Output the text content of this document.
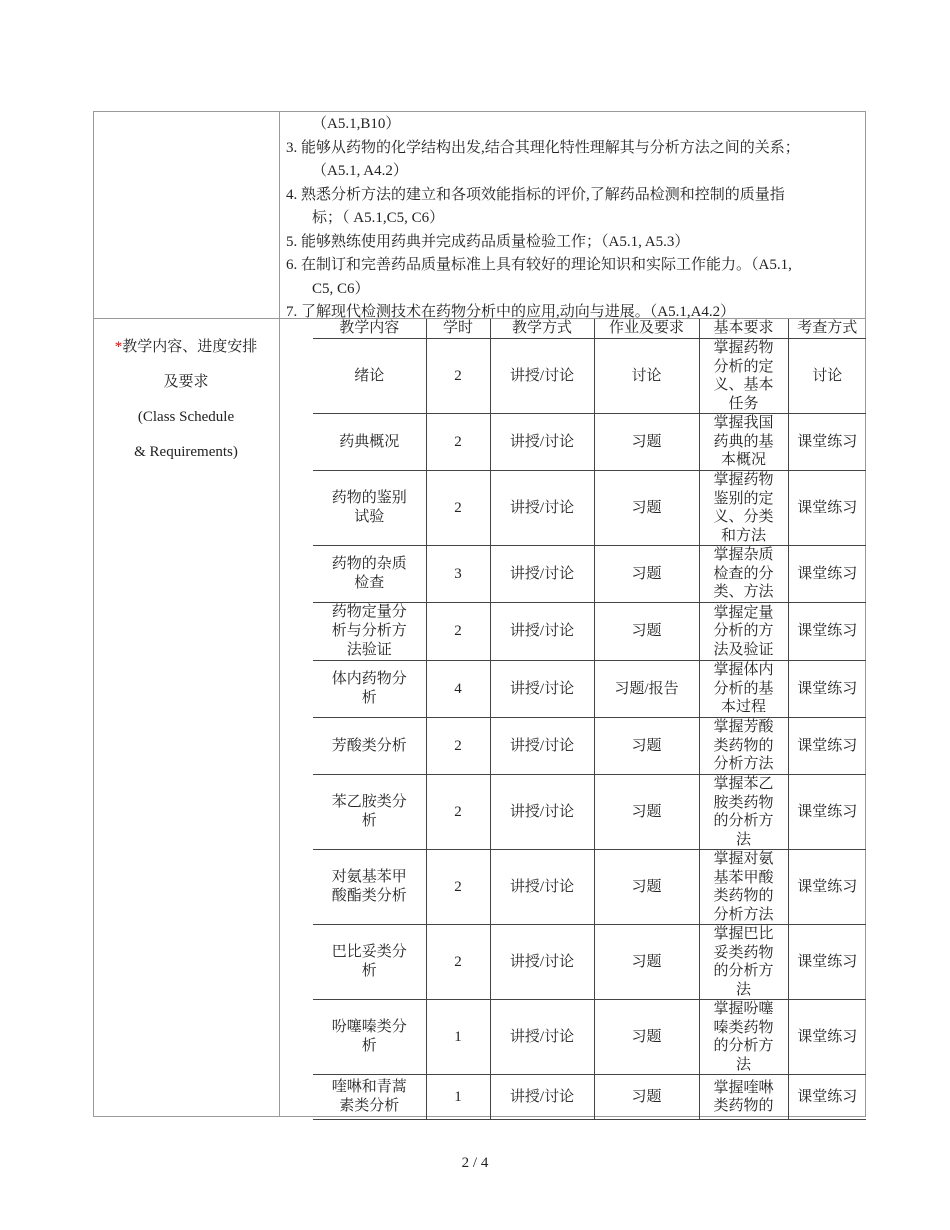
（A5.1,B10）
3. 能够从药物的化学结构出发,结合其理化特性理解其与分析方法之间的关系；
（A5.1, A4.2）
4. 熟悉分析方法的建立和各项效能指标的评价,了解药品检测和控制的质量指
标；（ A5.1,C5, C6）
5. 能够熟练使用药典并完成药品质量检验工作；（A5.1, A5.3）
6. 在制订和完善药品质量标准上具有较好的理论知识和实际工作能力。（A5.1,
C5, C6）
7. 了解现代检测技术在药物分析中的应用,动向与进展。（A5.1,A4.2）
*教学内容、进度安排
及要求
(Class Schedule
& Requirements)
教学内容	学时	教学方式	作业及要求	基本要求	考查方式
绪论	2	讲授/讨论	讨论	掌握药物分析的定义、基本任务	讨论
药典概况	2	讲授/讨论	习题	掌握我国药典的基本概况	课堂练习
药物的鉴别试验	2	讲授/讨论	习题	掌握药物鉴别的定义、分类和方法	课堂练习
药物的杂质检查	3	讲授/讨论	习题	掌握杂质检查的分类、方法	课堂练习
药物定量分析与分析方法验证	2	讲授/讨论	习题	掌握定量分析的方法及验证	课堂练习
体内药物分析	4	讲授/讨论	习题/报告	掌握体内分析的基本过程	课堂练习
芳酸类分析	2	讲授/讨论	习题	掌握芳酸类药物的分析方法	课堂练习
苯乙胺类分析	2	讲授/讨论	习题	掌握苯乙胺类药物的分析方法	课堂练习
对氨基苯甲酸酯类分析	2	讲授/讨论	习题	掌握对氨基苯甲酸类药物的分析方法	课堂练习
巴比妥类分析	2	讲授/讨论	习题	掌握巴比妥类药物的分析方法	课堂练习
吩噻嗪类分析	1	讲授/讨论	习题	掌握吩噻嗪类药物的分析方法	课堂练习
喹啉和青蒿素类分析	1	讲授/讨论	习题	掌握喹啉类药物的	课堂练习
2 / 4
